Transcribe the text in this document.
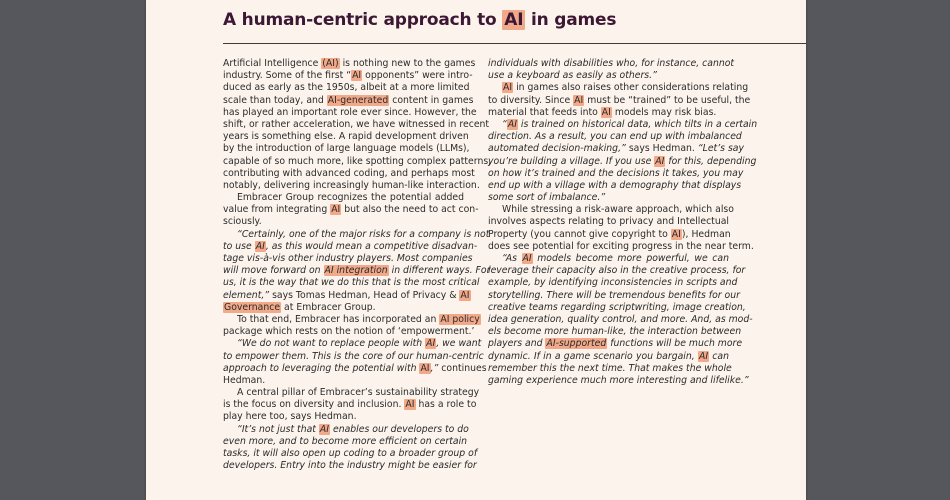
A human-centric approach to AI in games
Artificial Intelligence (AI) is nothing new to the games
industry. Some of the first “AI opponents” were intro-
duced as early as the 1950s, albeit at a more limited
scale than today, and AI-generated content in games
has played an important role ever since. However, the
shift, or rather acceleration, we have witnessed in recent
years is something else. A rapid development driven
by the introduction of large language models (LLMs),
capable of so much more, like spotting complex patterns,
contributing with advanced coding, and perhaps most
notably, delivering increasingly human-like interaction.
Embracer Group recognizes the potential added
value from integrating AI but also the need to act con-
sciously.
“Certainly, one of the major risks for a company is not
to use AI, as this would mean a competitive disadvan-
tage vis-à-vis other industry players. Most companies
will move forward on AI integration in different ways. For
us, it is the way that we do this that is the most critical
element,” says Tomas Hedman, Head of Privacy & AI
Governance at Embracer Group.
To that end, Embracer has incorporated an AI policy
package which rests on the notion of ‘empowerment.’
“We do not want to replace people with AI, we want
to empower them. This is the core of our human-centric
approach to leveraging the potential with AI,” continues
Hedman.
A central pillar of Embracer’s sustainability strategy
is the focus on diversity and inclusion. AI has a role to
play here too, says Hedman.
“It’s not just that AI enables our developers to do
even more, and to become more efficient on certain
tasks, it will also open up coding to a broader group of
developers. Entry into the industry might be easier for
individuals with disabilities who, for instance, cannot
use a keyboard as easily as others.”
AI in games also raises other considerations relating
to diversity. Since AI must be “trained” to be useful, the
material that feeds into AI models may risk bias.
“AI is trained on historical data, which tilts in a certain
direction. As a result, you can end up with imbalanced
automated decision-making,” says Hedman. “Let’s say
you’re building a village. If you use AI for this, depending
on how it’s trained and the decisions it takes, you may
end up with a village with a demography that displays
some sort of imbalance.”
While stressing a risk-aware approach, which also
involves aspects relating to privacy and Intellectual
Property (you cannot give copyright to AI), Hedman
does see potential for exciting progress in the near term.
“As AI models become more powerful, we can
leverage their capacity also in the creative process, for
example, by identifying inconsistencies in scripts and
storytelling. There will be tremendous benefits for our
creative teams regarding scriptwriting, image creation,
idea generation, quality control, and more. And, as mod-
els become more human-like, the interaction between
players and AI-supported functions will be much more
dynamic. If in a game scenario you bargain, AI can
remember this the next time. That makes the whole
gaming experience much more interesting and lifelike.”
